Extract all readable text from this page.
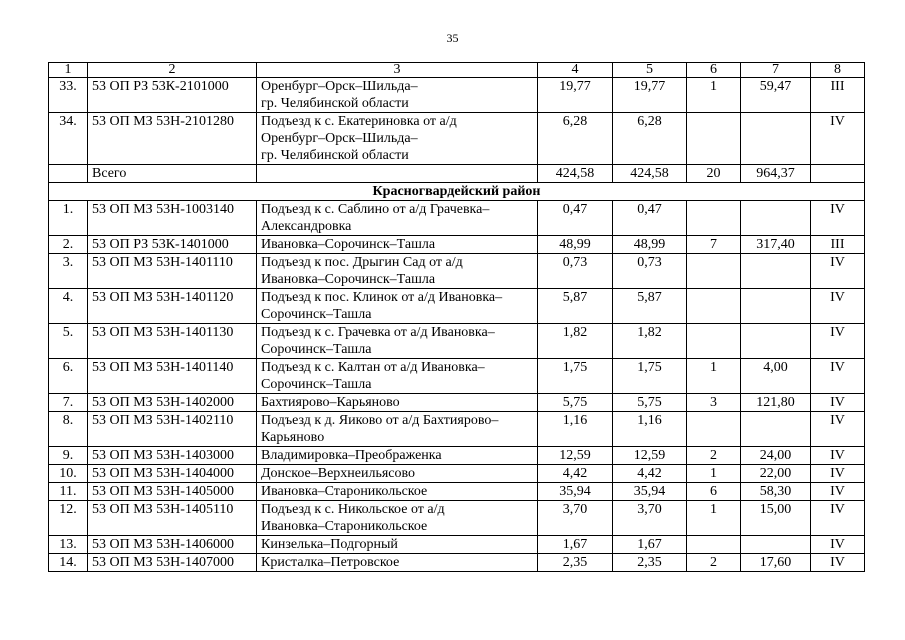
35
1	2	3	4	5	6	7	8
33.	53 ОП РЗ 53К-2101000	Оренбург–Орск–Шильда–
гр. Челябинской области	19,77	19,77	1	59,47	III
34.	53 ОП МЗ 53Н-2101280	Подъезд к с. Екатериновка от а/д
Оренбург–Орск–Шильда–
гр. Челябинской области	6,28	6,28			IV
	Всего		424,58	424,58	20	964,37	
Красногвардейский район							
1.	53 ОП МЗ 53Н-1003140	Подъезд к с. Саблино от а/д Грачевка–
Александровка	0,47	0,47			IV
2.	53 ОП РЗ 53К-1401000	Ивановка–Сорочинск–Ташла	48,99	48,99	7	317,40	III
3.	53 ОП МЗ 53Н-1401110	Подъезд к пос. Дрыгин Сад от а/д
Ивановка–Сорочинск–Ташла	0,73	0,73			IV
4.	53 ОП МЗ 53Н-1401120	Подъезд к пос. Клинок от а/д Ивановка–
Сорочинск–Ташла	5,87	5,87			IV
5.	53 ОП МЗ 53Н-1401130	Подъезд к с. Грачевка от а/д Ивановка–
Сорочинск–Ташла	1,82	1,82			IV
6.	53 ОП МЗ 53Н-1401140	Подъезд к с. Калтан от а/д Ивановка–
Сорочинск–Ташла	1,75	1,75	1	4,00	IV
7.	53 ОП МЗ 53Н-1402000	Бахтиярово–Карьяново	5,75	5,75	3	121,80	IV
8.	53 ОП МЗ 53Н-1402110	Подъезд к д. Яиково от а/д Бахтиярово–
Карьяново	1,16	1,16			IV
9.	53 ОП МЗ 53Н-1403000	Владимировка–Преображенка	12,59	12,59	2	24,00	IV
10.	53 ОП МЗ 53Н-1404000	Донское–Верхнеильясово	4,42	4,42	1	22,00	IV
11.	53 ОП МЗ 53Н-1405000	Ивановка–Староникольское	35,94	35,94	6	58,30	IV
12.	53 ОП МЗ 53Н-1405110	Подъезд к с. Никольское от а/д
Ивановка–Староникольское	3,70	3,70	1	15,00	IV
13.	53 ОП МЗ 53Н-1406000	Кинзелька–Подгорный	1,67	1,67			IV
14.	53 ОП МЗ 53Н-1407000	Кристалка–Петровское	2,35	2,35	2	17,60	IV
